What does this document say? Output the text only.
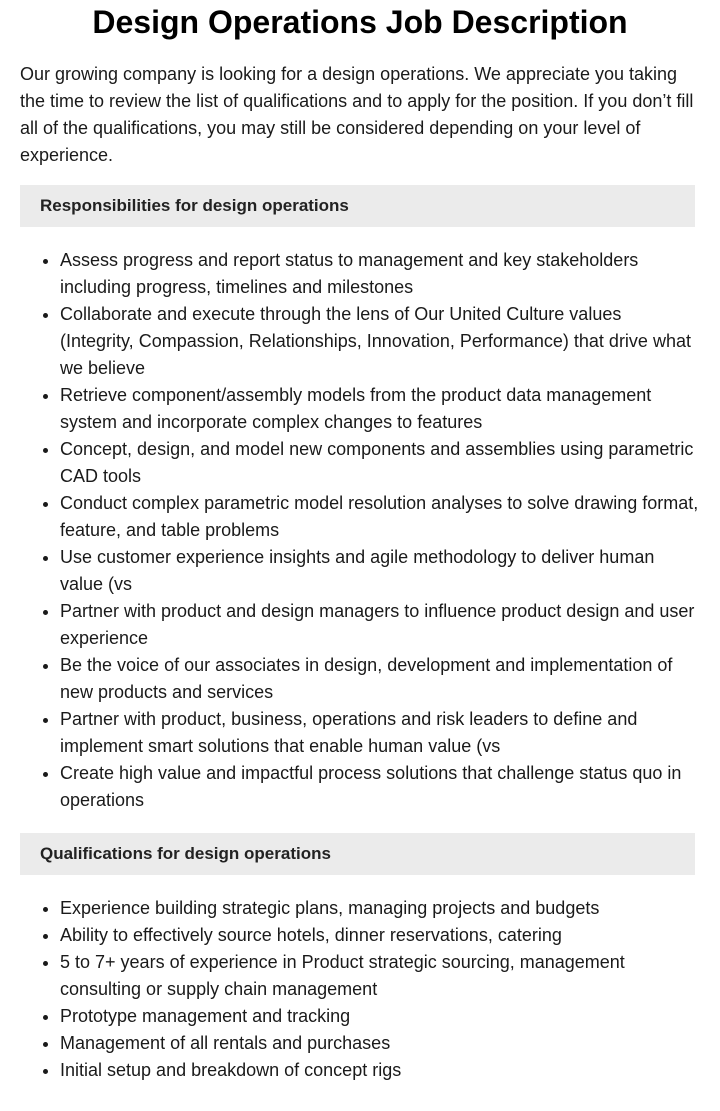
Design Operations Job Description

Our growing company is looking for a design operations. We appreciate you taking the time to review the list of qualifications and to apply for the position. If you don’t fill all of the qualifications, you may still be considered depending on your level of experience.

Responsibilities for design operations
• Assess progress and report status to management and key stakeholders including progress, timelines and milestones
• Collaborate and execute through the lens of Our United Culture values (Integrity, Compassion, Relationships, Innovation, Performance) that drive what we believe
• Retrieve component/assembly models from the product data management system and incorporate complex changes to features
• Concept, design, and model new components and assemblies using parametric CAD tools
• Conduct complex parametric model resolution analyses to solve drawing format, feature, and table problems
• Use customer experience insights and agile methodology to deliver human value (vs
• Partner with product and design managers to influence product design and user experience
• Be the voice of our associates in design, development and implementation of new products and services
• Partner with product, business, operations and risk leaders to define and implement smart solutions that enable human value (vs
• Create high value and impactful process solutions that challenge status quo in operations
Qualifications for design operations
• Experience building strategic plans, managing projects and budgets
• Ability to effectively source hotels, dinner reservations, catering
• 5 to 7+ years of experience in Product strategic sourcing, management consulting or supply chain management
• Prototype management and tracking
• Management of all rentals and purchases
• Initial setup and breakdown of concept rigs
